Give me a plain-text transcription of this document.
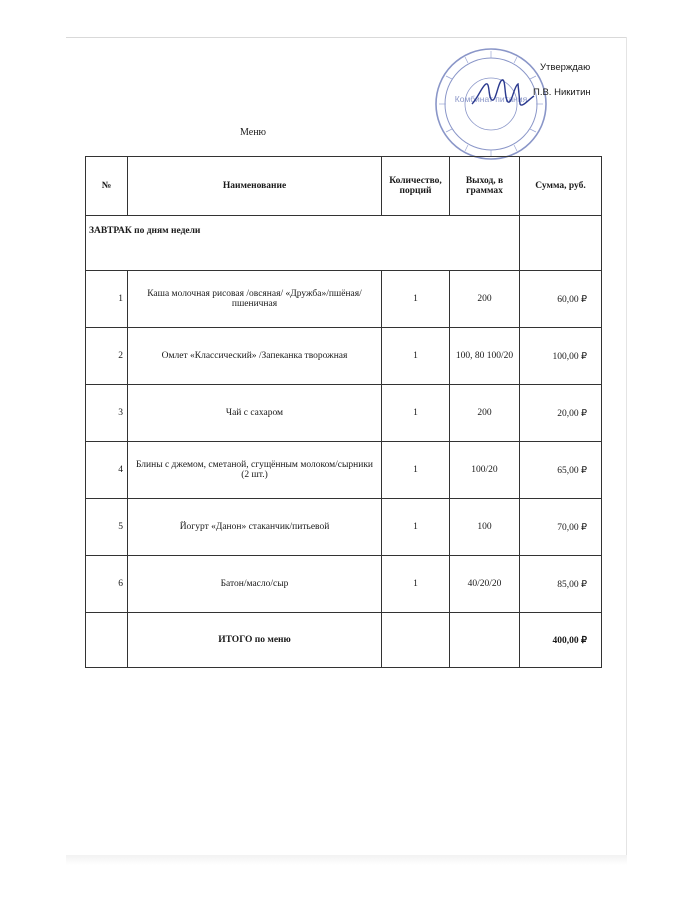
Комбинат питания
Утверждаю
П.В. Никитин
Меню
№	Наименование	Количество, порций	Выход, в граммах	Сумма, руб.
ЗАВТРАК по дням недели				
1	Каша молочная рисовая /овсяная/ «Дружба»/пшёная/пшеничная	1	200	60,00 ₽
2	Омлет «Классический» /Запеканка творожная	1	100, 80 100/20	100,00 ₽
3	Чай с сахаром	1	200	20,00 ₽
4	Блины с джемом, сметаной, сгущённым молоком/сырники (2 шт.)	1	100/20	65,00 ₽
5	Йогурт «Данон» стаканчик/питьевой	1	100	70,00 ₽
6	Батон/масло/сыр	1	40/20/20	85,00 ₽
	ИТОГО по меню			400,00 ₽
